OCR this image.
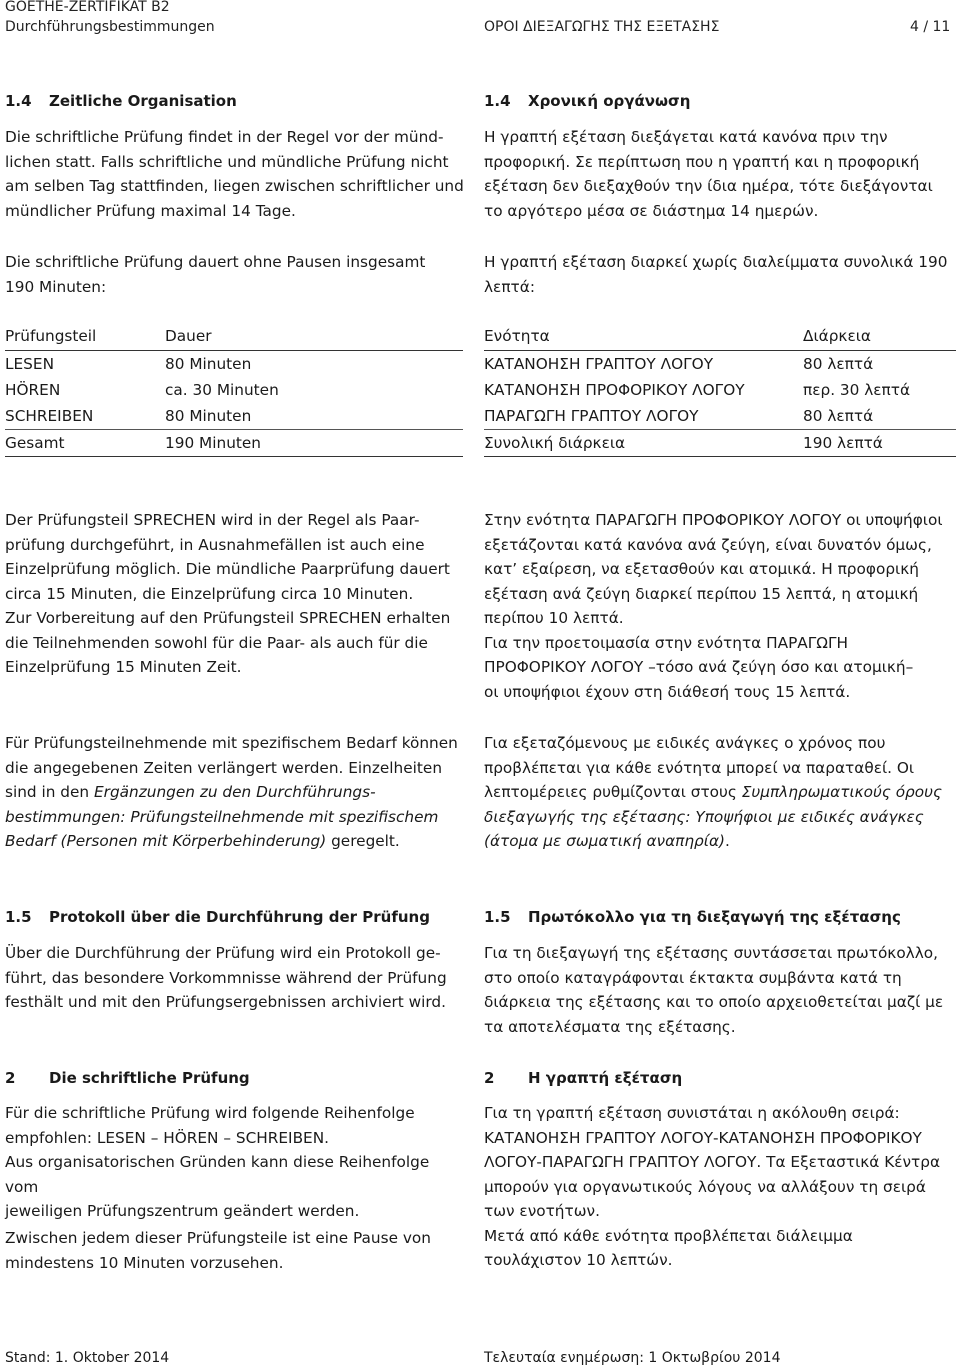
GOETHE-ZERTIFIKAT B2
Durchführungsbestimmungen	ΟΡΟΙ ΔΙΕΞΑΓΩΓΗΣ ΤΗΣ ΕΞΕΤΑΣΗΣ	4 / 11
1.4 Zeitliche Organisation
Die schriftliche Prüfung findet in der Regel vor der münd-
lichen statt. Falls schriftliche und mündliche Prüfung nicht
am selben Tag stattfinden, liegen zwischen schriftlicher und
mündlicher Prüfung maximal 14 Tage.
Die schriftliche Prüfung dauert ohne Pausen insgesamt
190 Minuten:
Prüfungsteil	Dauer
LESEN	80 Minuten
HÖREN	ca. 30 Minuten
SCHREIBEN	80 Minuten
Gesamt	190 Minuten
Der Prüfungsteil SPRECHEN wird in der Regel als Paar-
prüfung durchgeführt, in Ausnahmefällen ist auch eine
Einzelprüfung möglich. Die mündliche Paarprüfung dauert
circa 15 Minuten, die Einzelprüfung circa 10 Minuten.
Zur Vorbereitung auf den Prüfungsteil SPRECHEN erhalten
die Teilnehmenden sowohl für die Paar- als auch für die
Einzelprüfung 15 Minuten Zeit.
Für Prüfungsteilnehmende mit spezifischem Bedarf können
die angegebenen Zeiten verlängert werden. Einzelheiten
sind in den Ergänzungen zu den Durchführungs-
bestimmungen: Prüfungsteilnehmende mit spezifischem
Bedarf (Personen mit Körperbehinderung) geregelt.
1.5 Protokoll über die Durchführung der Prüfung
Über die Durchführung der Prüfung wird ein Protokoll ge-
führt, das besondere Vorkommnisse während der Prüfung
festhält und mit den Prüfungsergebnissen archiviert wird.
2 Die schriftliche Prüfung
Für die schriftliche Prüfung wird folgende Reihenfolge
empfohlen: LESEN – HÖREN – SCHREIBEN.
Aus organisatorischen Gründen kann diese Reihenfolge vom
jeweiligen Prüfungszentrum geändert werden.
Zwischen jedem dieser Prüfungsteile ist eine Pause von
mindestens 10 Minuten vorzusehen.
1.4 Χρονική οργάνωση
Η γραπτή εξέταση διεξάγεται κατά κανόνα πριν την
προφορική. Σε περίπτωση που η γραπτή και η προφορική
εξέταση δεν διεξαχθούν την ίδια ημέρα, τότε διεξάγονται
το αργότερο μέσα σε διάστημα 14 ημερών.
Η γραπτή εξέταση διαρκεί χωρίς διαλείμματα συνολικά 190
λεπτά:
Ενότητα	Διάρκεια
ΚΑΤΑΝΟΗΣΗ ΓΡΑΠΤΟΥ ΛΟΓΟΥ	80 λεπτά
ΚΑΤΑΝΟΗΣΗ ΠΡΟΦΟΡΙΚΟΥ ΛΟΓΟΥ	περ. 30 λεπτά
ΠΑΡΑΓΩΓΗ ΓΡΑΠΤΟΥ ΛΟΓΟΥ	80 λεπτά
Συνολική διάρκεια	190 λεπτά
Στην ενότητα ΠΑΡΑΓΩΓΗ ΠΡΟΦΟΡΙΚΟΥ ΛΟΓΟΥ οι υποψήφιοι
εξετάζονται κατά κανόνα ανά ζεύγη, είναι δυνατόν όμως,
κατ’ εξαίρεση, να εξετασθούν και ατομικά. Η προφορική
εξέταση ανά ζεύγη διαρκεί περίπου 15 λεπτά, η ατομική
περίπου 10 λεπτά.
Για την προετοιμασία στην ενότητα ΠΑΡΑΓΩΓΗ
ΠΡΟΦΟΡΙΚΟΥ ΛΟΓΟΥ –τόσο ανά ζεύγη όσο και ατομική–
οι υποψήφιοι έχουν στη διάθεσή τους 15 λεπτά.
Για εξεταζόμενους με ειδικές ανάγκες ο χρόνος που
προβλέπεται για κάθε ενότητα μπορεί να παραταθεί. Οι
λεπτομέρειες ρυθμίζονται στους Συμπληρωματικούς όρους
διεξαγωγής της εξέτασης: Υποψήφιοι με ειδικές ανάγκες
(άτομα με σωματική αναπηρία).
1.5 Πρωτόκολλο για τη διεξαγωγή της εξέτασης
Για τη διεξαγωγή της εξέτασης συντάσσεται πρωτόκολλο,
στο οποίο καταγράφονται έκτακτα συμβάντα κατά τη
διάρκεια της εξέτασης και το οποίο αρχειοθετείται μαζί με
τα αποτελέσματα της εξέτασης.
2 Η γραπτή εξέταση
Για τη γραπτή εξέταση συνιστάται η ακόλουθη σειρά:
ΚΑΤΑΝΟΗΣΗ ΓΡΑΠΤΟΥ ΛΟΓΟΥ-ΚΑΤΑΝΟΗΣΗ ΠΡΟΦΟΡΙΚΟΥ
ΛΟΓΟΥ-ΠΑΡΑΓΩΓΗ ΓΡΑΠΤΟΥ ΛΟΓΟΥ. Τα Εξεταστικά Κέντρα
μπορούν για οργανωτικούς λόγους να αλλάξουν τη σειρά
των ενοτήτων.
Μετά από κάθε ενότητα προβλέπεται διάλειμμα
τουλάχιστον 10 λεπτών.
Stand: 1. Oktober 2014	Τελευταία ενημέρωση: 1 Οκτωβρίου 2014
